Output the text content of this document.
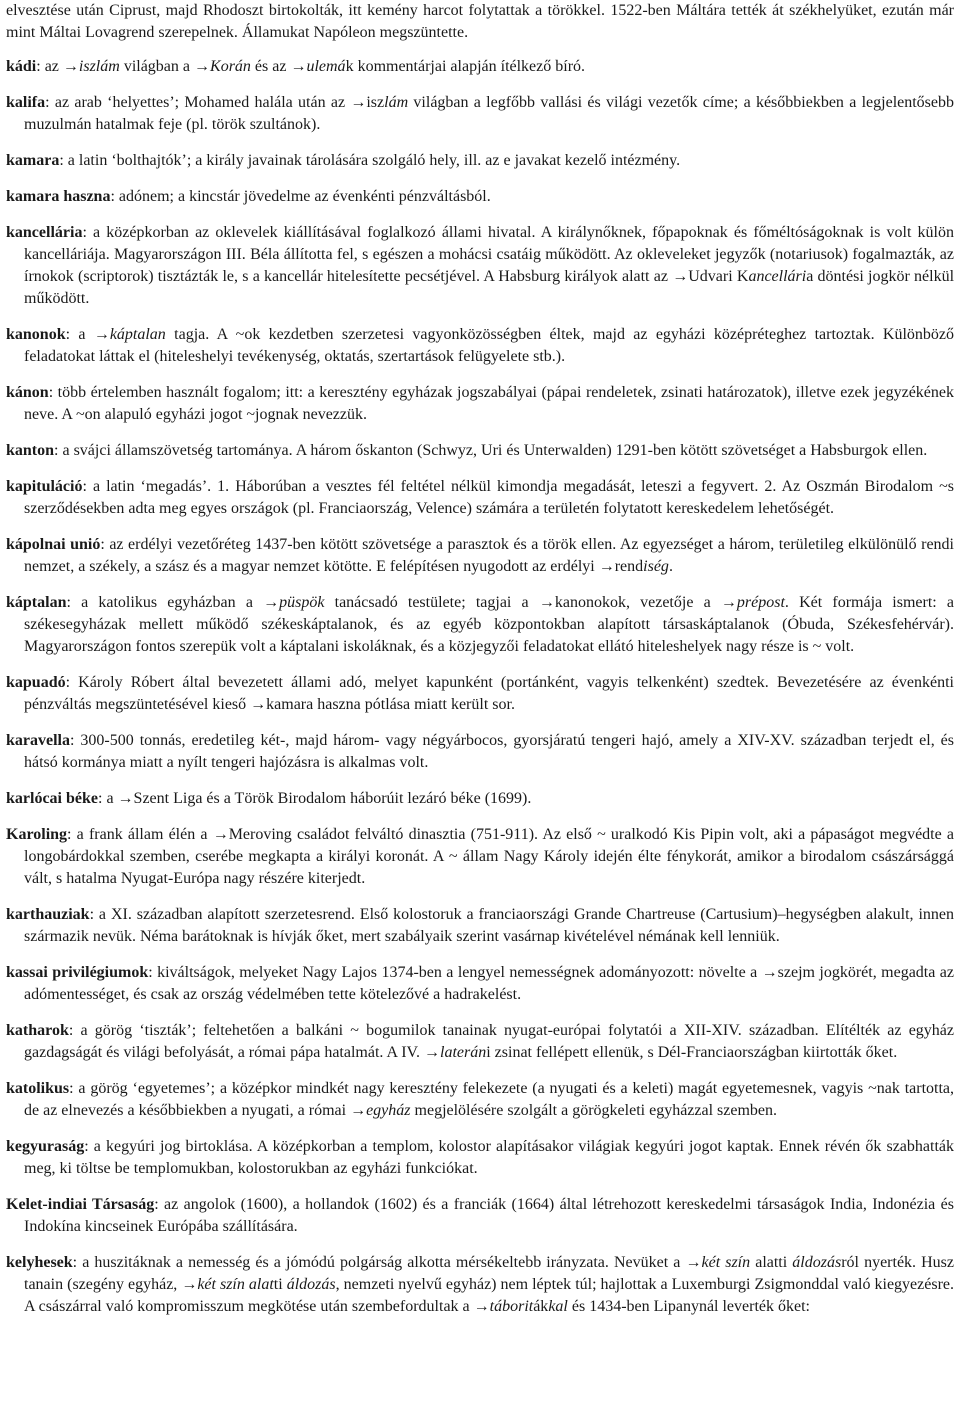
elvesztése után Ciprust, majd Rhodoszt birtokolták, itt kemény harcot folytattak a törökkel. 1522-ben Máltára tették át székhelyüket, ezután már mint Máltai Lovagrend szerepelnek. Államukat Napóleon megszüntette.
kádi: az → iszlám világban a → Korán és az → ulemák kommentárjai alapján ítélkező bíró.
kalifa: az arab ‘helyettes’; Mohamed halála után az → iszlám világban a legfőbb vallási és világi vezetők címe; a későbbiekben a legjelentősebb muzulmán hatalmak feje (pl. török szultánok).
kamara: a latin ‘bolthajtók’; a király javainak tárolására szolgáló hely, ill. az e javakat kezelő intézmény.
kamara haszna: adónem; a kincstár jövedelme az évenkénti pénzváltásból.
kancellária: a középkorban az oklevelek kiállításával foglalkozó állami hivatal. A királynőknek, főpapoknak és főméltóságoknak is volt külön kancelláriája. Magyarországon III. Béla állította fel, s egészen a mohácsi csatáig működött. Az okleveleket jegyzők (notariusok) fogalmazták, az írnokok (scriptorok) tisztázták le, s a kancellár hitelesítette pecsétjével. A Habsburg királyok alatt az → Udvari Kancellária döntési jogkör nélkül működött.
kanonok: a → káptalan tagja. A ~ok kezdetben szerzetesi vagyonközösségben éltek, majd az egyházi középréteghez tartoztak. Különböző feladatokat láttak el (hiteleshelyi tevékenység, oktatás, szertartások felügyelete stb.).
kánon: több értelemben használt fogalom; itt: a keresztény egyházak jogszabályai (pápai rendeletek, zsinati határozatok), illetve ezek jegyzékének neve. A ~on alapuló egyházi jogot ~jognak nevezzük.
kanton: a svájci államszövetség tartománya. A három őskanton (Schwyz, Uri és Unterwalden) 1291-ben kötött szövetséget a Habsburgok ellen.
kapituláció: a latin ‘megadás’. 1. Háborúban a vesztes fél feltétel nélkül kimondja megadását, leteszi a fegyvert. 2. Az Oszmán Birodalom ~s szerződésekben adta meg egyes országok (pl. Franciaország, Velence) számára a területén folytatott kereskedelem lehetőségét.
kápolnai unió: az erdélyi vezetőréteg 1437-ben kötött szövetsége a parasztok és a török ellen. Az egyezséget a három, területileg elkülönülő rendi nemzet, a székely, a szász és a magyar nemzet kötötte. E felépítésen nyugodott az erdélyi → rendiség.
káptalan: a katolikus egyházban a → püspök tanácsadó testülete; tagjai a → kanonokok, vezetője a → prépost. Két formája ismert: a székesegyházak mellett működő székeskáptalanok, és az egyéb központokban alapított társaskáptalanok (Óbuda, Székesfehérvár). Magyarországon fontos szerepük volt a káptalani iskoláknak, és a közjegyzői feladatokat ellátó hiteleshelyek nagy része is ~ volt.
kapuadó: Károly Róbert által bevezetett állami adó, melyet kapunként (portánként, vagyis telkenként) szedtek. Bevezetésére az évenkénti pénzváltás megszüntetésével kieső → kamara haszna pótlása miatt került sor.
karavella: 300-500 tonnás, eredetileg két-, majd három- vagy négyárbocos, gyorsjáratú tengeri hajó, amely a XIV-XV. században terjedt el, és hátsó kormánya miatt a nyílt tengeri hajózásra is alkalmas volt.
karlócai béke: a → Szent Liga és a Török Birodalom háborúit lezáró béke (1699).
Karoling: a frank állam élén a → Meroving családot felváltó dinasztia (751-911). Az első ~ uralkodó Kis Pipin volt, aki a pápaságot megvédte a longobárdokkal szemben, cserébe megkapta a királyi koronát. A ~ állam Nagy Károly idején élte fénykorát, amikor a birodalom császársággá vált, s hatalma Nyugat-Európa nagy részére kiterjedt.
karthauziak: a XI. században alapított szerzetesrend. Első kolostoruk a franciaországi Grande Chartreuse (Cartusium)–hegységben alakult, innen származik nevük. Néma barátoknak is hívják őket, mert szabályaik szerint vasárnap kivételével némának kell lenniük.
kassai privilégiumok: kiváltságok, melyeket Nagy Lajos 1374-ben a lengyel nemességnek adományozott: növelte a → szejm jogkörét, megadta az adómentességet, és csak az ország védelmében tette kötelezővé a hadrakelést.
katharok: a görög ‘tiszták’; feltehetően a balkáni ~ bogumilok tanainak nyugat-európai folytatói a XII-XIV. században. Elítélték az egyház gazdagságát és világi befolyását, a római pápa hatalmát. A IV. → lateráni zsinat fellépett ellenük, s Dél-Franciaországban kiirtották őket.
katolikus: a görög ‘egyetemes’; a középkor mindkét nagy keresztény felekezete (a nyugati és a keleti) magát egyetemesnek, vagyis ~nak tartotta, de az elnevezés a későbbiekben a nyugati, a római → egyház megjelölésére szolgált a görögkeleti egyházzal szemben.
kegyuraság: a kegyúri jog birtoklása. A középkorban a templom, kolostor alapításakor világiak kegyúri jogot kaptak. Ennek révén ők szabhatták meg, ki töltse be templomukban, kolostorukban az egyházi funkciókat.
Kelet-indiai Társaság: az angolok (1600), a hollandok (1602) és a franciák (1664) által létrehozott kereskedelmi társaságok India, Indonézia és Indokína kincseinek Európába szállítására.
kelyhesek: a huszitáknak a nemesség és a jómódú polgárság alkotta mérsékeltebb irányzata. Nevüket a → két szín alatti áldozásról nyerték. Husz tanain (szegény egyház, → két szín alatti áldozás, nemzeti nyelvű egyház) nem léptek túl; hajlottak a Luxemburgi Zsigmonddal való kiegyezésre. A császárral való kompromisszum megkötése után szembefordultak a → táboritákkal és 1434-ben Lipanynál leverték őket:
